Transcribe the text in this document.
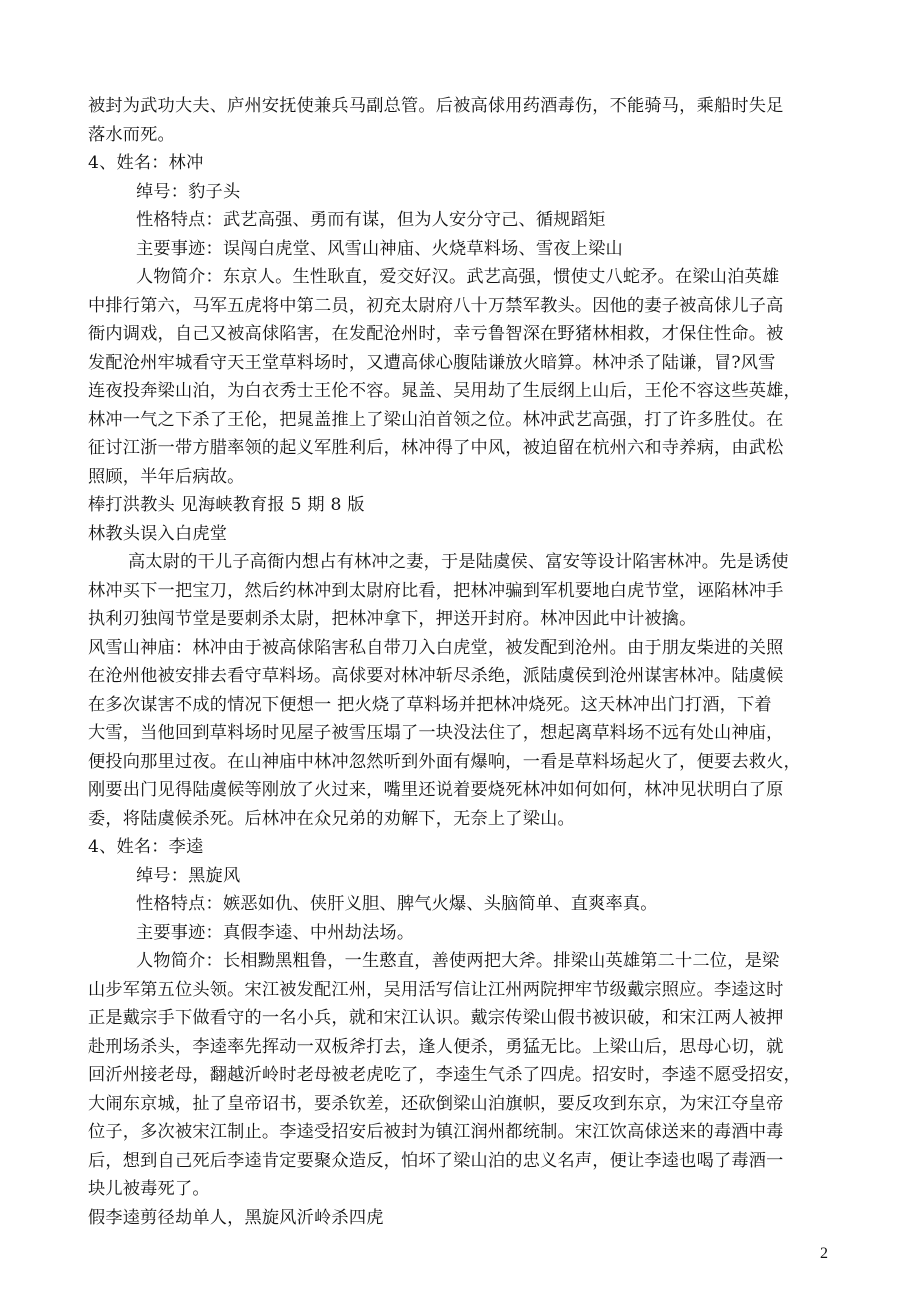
被封为武功大夫、庐州安抚使兼兵马副总管。后被高俅用药酒毒伤，不能骑马，乘船时失足
落水而死。
4、姓名：林冲
绰号：豹子头
性格特点：武艺高强、勇而有谋，但为人安分守己、循规蹈矩
主要事迹：误闯白虎堂、风雪山神庙、火烧草料场、雪夜上梁山
人物简介：东京人。生性耿直，爱交好汉。武艺高强，惯使丈八蛇矛。在梁山泊英雄
中排行第六，马军五虎将中第二员，初充太尉府八十万禁军教头。因他的妻子被高俅儿子高
衙内调戏，自己又被高俅陷害，在发配沧州时，幸亏鲁智深在野猪林相救，才保住性命。被
发配沧州牢城看守天王堂草料场时，又遭高俅心腹陆谦放火暗算。林冲杀了陆谦，冒?风雪
连夜投奔梁山泊，为白衣秀士王伦不容。晁盖、吴用劫了生辰纲上山后，王伦不容这些英雄，
林冲一气之下杀了王伦，把晁盖推上了梁山泊首领之位。林冲武艺高强，打了许多胜仗。在
征讨江浙一带方腊率领的起义军胜利后，林冲得了中风，被迫留在杭州六和寺养病，由武松
照顾，半年后病故。
棒打洪教头 见海峡教育报 5 期 8 版
林教头误入白虎堂
高太尉的干儿子高衙内想占有林冲之妻，于是陆虞侯、富安等设计陷害林冲。先是诱使
林冲买下一把宝刀，然后约林冲到太尉府比看，把林冲骗到军机要地白虎节堂，诬陷林冲手
执利刃独闯节堂是要刺杀太尉，把林冲拿下，押送开封府。林冲因此中计被擒。
风雪山神庙：林冲由于被高俅陷害私自带刀入白虎堂，被发配到沧州。由于朋友柴进的关照
在沧州他被安排去看守草料场。高俅要对林冲斩尽杀绝，派陆虞侯到沧州谋害林冲。陆虞候
在多次谋害不成的情况下便想一 把火烧了草料场并把林冲烧死。这天林冲出门打酒，下着
大雪，当他回到草料场时见屋子被雪压塌了一块没法住了，想起离草料场不远有处山神庙，
便投向那里过夜。在山神庙中林冲忽然听到外面有爆响，一看是草料场起火了，便要去救火，
刚要出门见得陆虞候等刚放了火过来，嘴里还说着要烧死林冲如何如何，林冲见状明白了原
委，将陆虞候杀死。后林冲在众兄弟的劝解下，无奈上了梁山。
4、姓名：李逵
绰号：黑旋风
性格特点：嫉恶如仇、侠肝义胆、脾气火爆、头脑简单、直爽率真。
主要事迹：真假李逵、中州劫法场。
人物简介：长相黝黑粗鲁，一生憨直，善使两把大斧。排梁山英雄第二十二位，是梁
山步军第五位头领。宋江被发配江州，吴用活写信让江州两院押牢节级戴宗照应。李逵这时
正是戴宗手下做看守的一名小兵，就和宋江认识。戴宗传梁山假书被识破，和宋江两人被押
赴刑场杀头，李逵率先挥动一双板斧打去，逢人便杀，勇猛无比。上梁山后，思母心切，就
回沂州接老母，翻越沂岭时老母被老虎吃了，李逵生气杀了四虎。招安时，李逵不愿受招安，
大闹东京城，扯了皇帝诏书，要杀钦差，还砍倒梁山泊旗帜，要反攻到东京，为宋江夺皇帝
位子，多次被宋江制止。李逵受招安后被封为镇江润州都统制。宋江饮高俅送来的毒酒中毒
后，想到自己死后李逵肯定要聚众造反，怕坏了梁山泊的忠义名声，便让李逵也喝了毒酒一
块儿被毒死了。
假李逵剪径劫单人，黑旋风沂岭杀四虎
2
